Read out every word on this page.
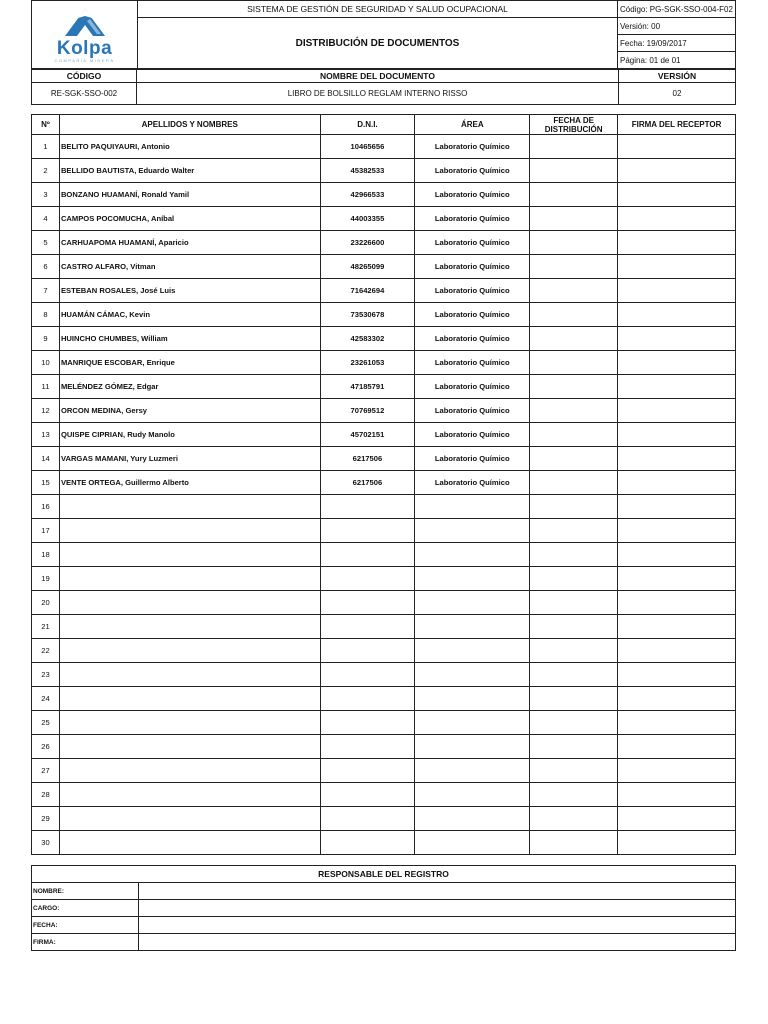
Kolpa
COMPAÑÍA MINERA	SISTEMA DE GESTIÓN DE SEGURIDAD Y SALUD OCUPACIONAL	Código: PG-SGK-SSO-004-F02
	DISTRIBUCIÓN DE DOCUMENTOS	Versión: 00
		Fecha: 19/09/2017
		Página: 01 de 01
CÓDIGO	NOMBRE DEL DOCUMENTO	VERSIÓN
RE-SGK-SSO-002	LIBRO DE BOLSILLO REGLAM INTERNO RISSO	02
Nº	APELLIDOS Y NOMBRES	D.N.I.	ÁREA	FECHA DE DISTRIBUCIÓN	FIRMA DEL RECEPTOR
1	BELITO PAQUIYAURI, Antonio	10465656	Laboratorio Químico		
2	BELLIDO BAUTISTA, Eduardo Walter	45382533	Laboratorio Químico		
3	BONZANO HUAMANÍ, Ronald Yamil	42966533	Laboratorio Químico		
4	CAMPOS POCOMUCHA, Aníbal	44003355	Laboratorio Químico		
5	CARHUAPOMA HUAMANÍ, Aparicio	23226600	Laboratorio Químico		
6	CASTRO ALFARO, Vitman	48265099	Laboratorio Químico		
7	ESTEBAN ROSALES, José Luis	71642694	Laboratorio Químico		
8	HUAMÁN CÁMAC, Kevin	73530678	Laboratorio Químico		
9	HUINCHO CHUMBES, William	42583302	Laboratorio Químico		
10	MANRIQUE ESCOBAR, Enrique	23261053	Laboratorio Químico		
11	MELÉNDEZ GÓMEZ, Edgar	47185791	Laboratorio Químico		
12	ORCON MEDINA, Gersy	70769512	Laboratorio Químico		
13	QUISPE CIPRIAN, Rudy Manolo	45702151	Laboratorio Químico		
14	VARGAS MAMANI, Yury Luzmeri	6217506	Laboratorio Químico		
15	VENTE ORTEGA, Guillermo Alberto	6217506	Laboratorio Químico		
16					
17					
18					
19					
20					
21					
22					
23					
24					
25					
26					
27					
28					
29					
30					
RESPONSABLE DEL REGISTRO	
NOMBRE:	
CARGO:	
FECHA:	
FIRMA:	
